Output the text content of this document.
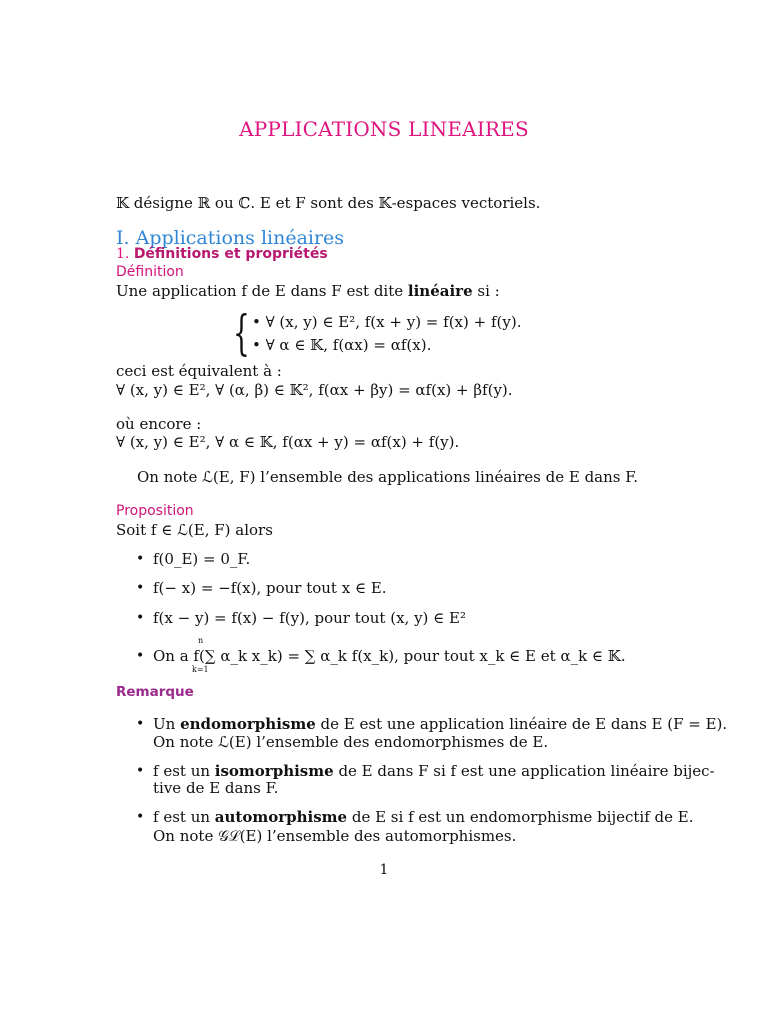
APPLICATIONS LINEAIRES
𝕂 désigne ℝ ou ℂ. E et F sont des 𝕂-espaces vectoriels.
I. Applications linéaires
1. Définitions et propriétés
Définition
Une application f de E dans F est dite linéaire si :
{ • ∀ (x, y) ∈ E², f(x + y) = f(x) + f(y).
• ∀ α ∈ 𝕂, f(αx) = αf(x).
ceci est équivalent à :
∀ (x, y) ∈ E², ∀ (α, β) ∈ 𝕂², f(αx + βy) = αf(x) + βf(y).
où encore :
∀ (x, y) ∈ E², ∀ α ∈ 𝕂, f(αx + y) = αf(x) + f(y).
On note ℒ(E, F) l’ensemble des applications linéaires de E dans F.
Proposition
Soit f ∈ ℒ(E, F) alors
• f(0_E) = 0_F.
• f(− x) = −f(x), pour tout x ∈ E.
• f(x − y) = f(x) − f(y), pour tout (x, y) ∈ E²
• On a f(∑ α_k x_k) = ∑ α_k f(x_k), pour tout x_k ∈ E et α_k ∈ 𝕂.
n
k=1
Remarque
• Un endomorphisme de E est une application linéaire de E dans E (F = E).
On note ℒ(E) l’ensemble des endomorphismes de E.
• f est un isomorphisme de E dans F si f est une application linéaire bijec-
tive de E dans F.
• f est un automorphisme de E si f est un endomorphisme bijectif de E.
On note 𝒢ℒ(E) l’ensemble des automorphismes.
1
